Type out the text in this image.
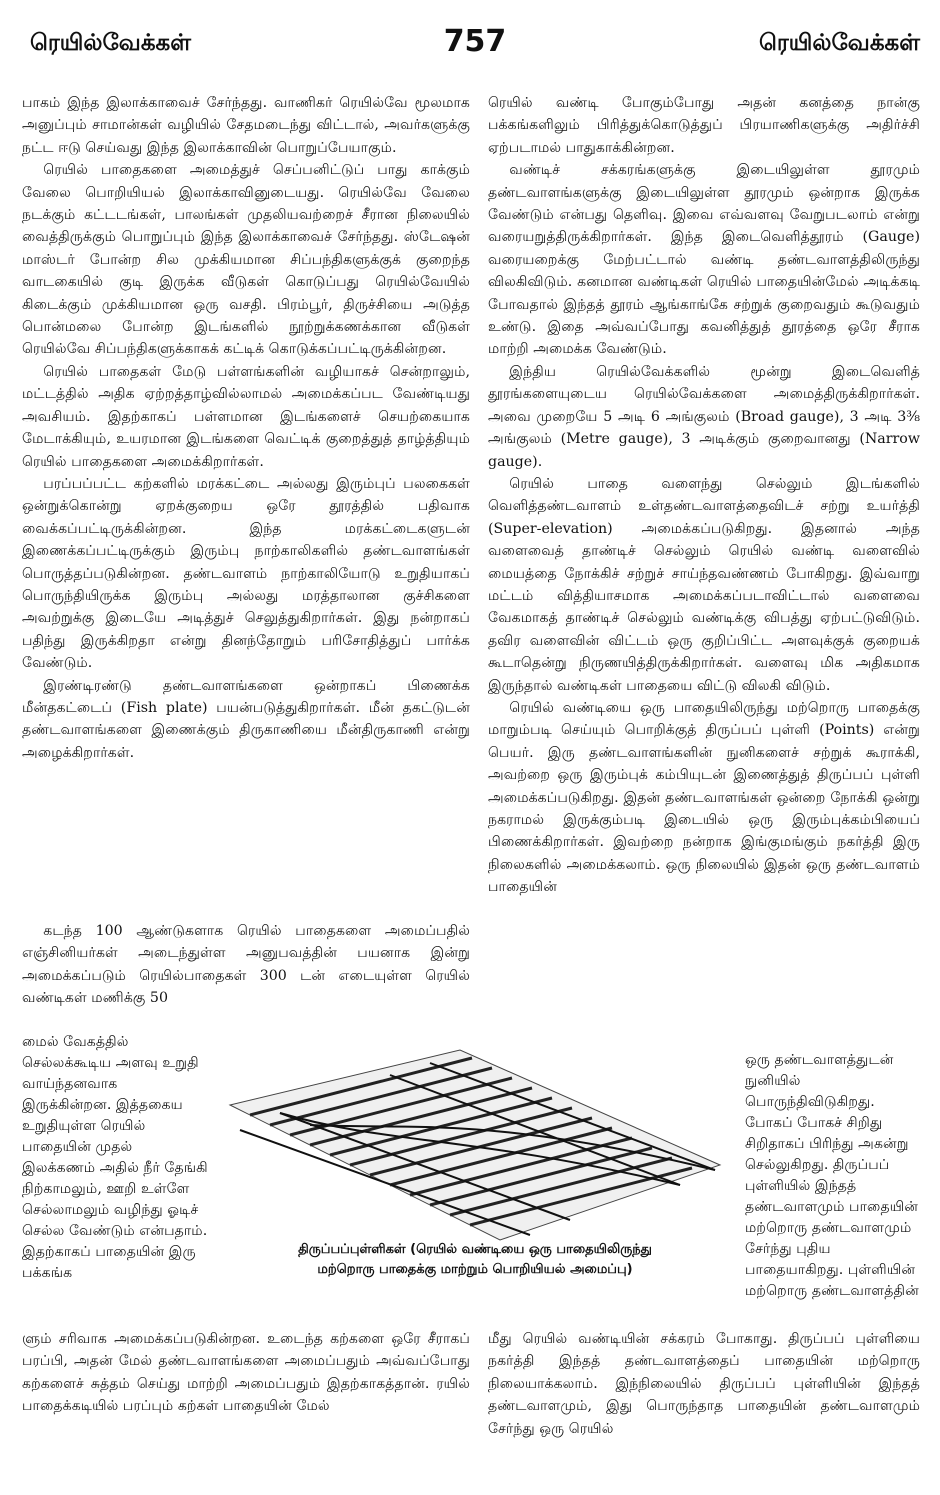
ரெயில்வேக்கள்	757	ரெயில்வேக்கள்

பாகம் இந்த இலாக்காவைச் சேர்ந்தது. வாணிகர் ரெயில்வே மூலமாக அனுப்பும் சாமான்கள் வழியில் சேதமடைந்து விட்டால், அவர்களுக்கு நட்ட ஈடு செய்வது இந்த இலாக்காவின் பொறுப்பேயாகும்.

ரெயில் பாதைகளை அமைத்துச் செப்பனிட்டுப் பாது காக்கும் வேலை பொறியியல் இலாக்காவினுடையது. ரெயில்வே வேலை நடக்கும் கட்டடங்கள், பாலங்கள் முதலியவற்றைச் சீரான நிலையில் வைத்திருக்கும் பொறுப்பும் இந்த இலாக்காவைச் சேர்ந்தது. ஸ்டேஷன் மாஸ்டர் போன்ற சில முக்கியமான சிப்பந்திகளுக்குக் குறைந்த வாடகையில் குடி இருக்க வீடுகள் கொடுப்பது ரெயில்வேயில் கிடைக்கும் முக்கியமான ஒரு வசதி. பிரம்பூர், திருச்சியை அடுத்த பொன்மலை போன்ற இடங்களில் நூற்றுக்கணக்கான வீடுகள் ரெயில்வே சிப்பந்திகளுக்காகக் கட்டிக் கொடுக்கப்பட்டிருக்கின்றன.

ரெயில் பாதைகள் மேடு பள்ளங்களின் வழியாகச் சென்றாலும், மட்டத்தில் அதிக ஏற்றத்தாழ்வில்லாமல் அமைக்கப்பட வேண்டியது அவசியம். இதற்காகப் பள்ளமான இடங்களைச் செயற்கையாக மேடாக்கியும், உயரமான இடங்களை வெட்டிக் குறைத்துத் தாழ்த்தியும் ரெயில் பாதைகளை அமைக்கிறார்கள்.

பரப்பப்பட்ட கற்களில் மரக்கட்டை அல்லது இரும்புப் பலகைகள் ஒன்றுக்கொன்று ஏறக்குறைய ஒரே தூரத்தில் பதிவாக வைக்கப்பட்டிருக்கின்றன. இந்த மரக்கட்டைகளுடன் இணைக்கப்பட்டிருக்கும் இரும்பு நாற்காலிகளில் தண்டவாளங்கள் பொருத்தப்படுகின்றன. தண்டவாளம் நாற்காலியோடு உறுதியாகப் பொருந்தியிருக்க இரும்பு அல்லது மரத்தாலான குச்சிகளை அவற்றுக்கு இடையே அடித்துச் செலுத்துகிறார்கள். இது நன்றாகப் பதிந்து இருக்கிறதா என்று தினந்தோறும் பரிசோதித்துப் பார்க்க வேண்டும்.

இரண்டிரண்டு தண்டவாளங்களை ஒன்றாகப் பிணைக்க மீன்தகட்டைப் (Fish plate) பயன்படுத்துகிறார்கள். மீன் தகட்டுடன் தண்டவாளங்களை இணைக்கும் திருகாணியை மீன்திருகாணி என்று அழைக்கிறார்கள்.

கடந்த 100 ஆண்டுகளாக ரெயில் பாதைகளை அமைப்பதில் எஞ்சினியர்கள் அடைந்துள்ள அனுபவத்தின் பயனாக இன்று அமைக்கப்படும் ரெயில்பாதைகள் 300 டன் எடையுள்ள ரெயில் வண்டிகள் மணிக்கு 50

ரெயில் வண்டி போகும்போது அதன் கனத்தை நான்கு பக்கங்களிலும் பிரித்துக்கொடுத்துப் பிரயாணிகளுக்கு அதிர்ச்சி ஏற்படாமல் பாதுகாக்கின்றன.

வண்டிச் சக்கரங்களுக்கு இடையிலுள்ள தூரமும் தண்டவாளங்களுக்கு இடையிலுள்ள தூரமும் ஒன்றாக இருக்க வேண்டும் என்பது தெளிவு. இவை எவ்வளவு வேறுபடலாம் என்று வரையறுத்திருக்கிறார்கள். இந்த இடைவெளித்தூரம் (Gauge) வரையறைக்கு மேற்பட்டால் வண்டி தண்டவாளத்திலிருந்து விலகிவிடும். கனமான வண்டிகள் ரெயில் பாதையின்மேல் அடிக்கடி போவதால் இந்தத் தூரம் ஆங்காங்கே சற்றுக் குறைவதும் கூடுவதும் உண்டு. இதை அவ்வப்போது கவனித்துத் தூரத்தை ஒரே சீராக மாற்றி அமைக்க வேண்டும்.

இந்திய ரெயில்வேக்களில் மூன்று இடைவெளித் தூரங்களையுடைய ரெயில்வேக்களை அமைத்திருக்கிறார்கள். அவை முறையே 5 அடி 6 அங்குலம் (Broad gauge), 3 அடி 3⅜ அங்குலம் (Metre gauge), 3 அடிக்கும் குறைவானது (Narrow gauge).

ரெயில் பாதை வளைந்து செல்லும் இடங்களில் வெளித்தண்டவாளம் உள்தண்டவாளத்தைவிடச் சற்று உயர்த்தி (Super-elevation) அமைக்கப்படுகிறது. இதனால் அந்த வளைவைத் தாண்டிச் செல்லும் ரெயில் வண்டி வளைவில் மையத்தை நோக்கிச் சற்றுச் சாய்ந்தவண்ணம் போகிறது. இவ்வாறு மட்டம் வித்தியாசமாக அமைக்கப்படாவிட்டால் வளைவை வேகமாகத் தாண்டிச் செல்லும் வண்டிக்கு விபத்து ஏற்பட்டுவிடும். தவிர வளைவின் விட்டம் ஒரு குறிப்பிட்ட அளவுக்குக் குறையக் கூடாதென்று நிருணயித்திருக்கிறார்கள். வளைவு மிக அதிகமாக இருந்தால் வண்டிகள் பாதையை விட்டு விலகி விடும்.

ரெயில் வண்டியை ஒரு பாதையிலிருந்து மற்றொரு பாதைக்கு மாறும்படி செய்யும் பொறிக்குத் திருப்பப் புள்ளி (Points) என்று பெயர். இரு தண்டவாளங்களின் நுனிகளைச் சற்றுக் கூராக்கி, அவற்றை ஒரு இரும்புக் கம்பியுடன் இணைத்துத் திருப்பப் புள்ளி அமைக்கப்படுகிறது. இதன் தண்டவாளங்கள் ஒன்றை நோக்கி ஒன்று நகராமல் இருக்கும்படி இடையில் ஒரு இரும்புக்கம்பியைப் பிணைக்கிறார்கள். இவற்றை நன்றாக இங்குமங்கும் நகர்த்தி இரு நிலைகளில் அமைக்கலாம். ஒரு நிலையில் இதன் ஒரு தண்டவாளம் பாதையின்

மைல் வேகத்தில் செல்லக்கூடிய அளவு உறுதி வாய்ந்தனவாக இருக்கின்றன. இத்தகைய உறுதியுள்ள ரெயில் பாதையின் முதல் இலக்கணம் அதில் நீர் தேங்கி நிற்காமலும், ஊறி உள்ளே செல்லாமலும் வழிந்து ஓடிச் செல்ல வேண்டும் என்பதாம். இதற்காகப் பாதையின் இரு பக்கங்க
ஒரு தண்டவாளத்துடன் நுனியில் பொருந்திவிடுகிறது. போகப் போகச் சிறிது சிறிதாகப் பிரிந்து அகன்று செல்லுகிறது. திருப்பப் புள்ளியில் இந்தத் தண்டவாளமும் பாதையின் மற்றொரு தண்டவாளமும் சேர்ந்து புதிய பாதையாகிறது. புள்ளியின் மற்றொரு தண்டவாளத்தின்
திருப்பப்புள்ளிகள் (ரெயில் வண்டியை ஒரு பாதையிலிருந்து
மற்றொரு பாதைக்கு மாற்றும் பொறியியல் அமைப்பு)
ளும் சரிவாக அமைக்கப்படுகின்றன. உடைந்த கற்களை ஒரே சீராகப் பரப்பி, அதன் மேல் தண்டவாளங்களை அமைப்பதும் அவ்வப்போது கற்களைச் சுத்தம் செய்து மாற்றி அமைப்பதும் இதற்காகத்தான். ரயில் பாதைக்கடியில் பரப்பும் கற்கள் பாதையின் மேல்
மீது ரெயில் வண்டியின் சக்கரம் போகாது. திருப்பப் புள்ளியை நகர்த்தி இந்தத் தண்டவாளத்தைப் பாதையின் மற்றொரு நிலையாக்கலாம். இந்நிலையில் திருப்பப் புள்ளியின் இந்தத் தண்டவாளமும், இது பொருந்தாத பாதையின் தண்டவாளமும் சேர்ந்து ஒரு ரெயில்
